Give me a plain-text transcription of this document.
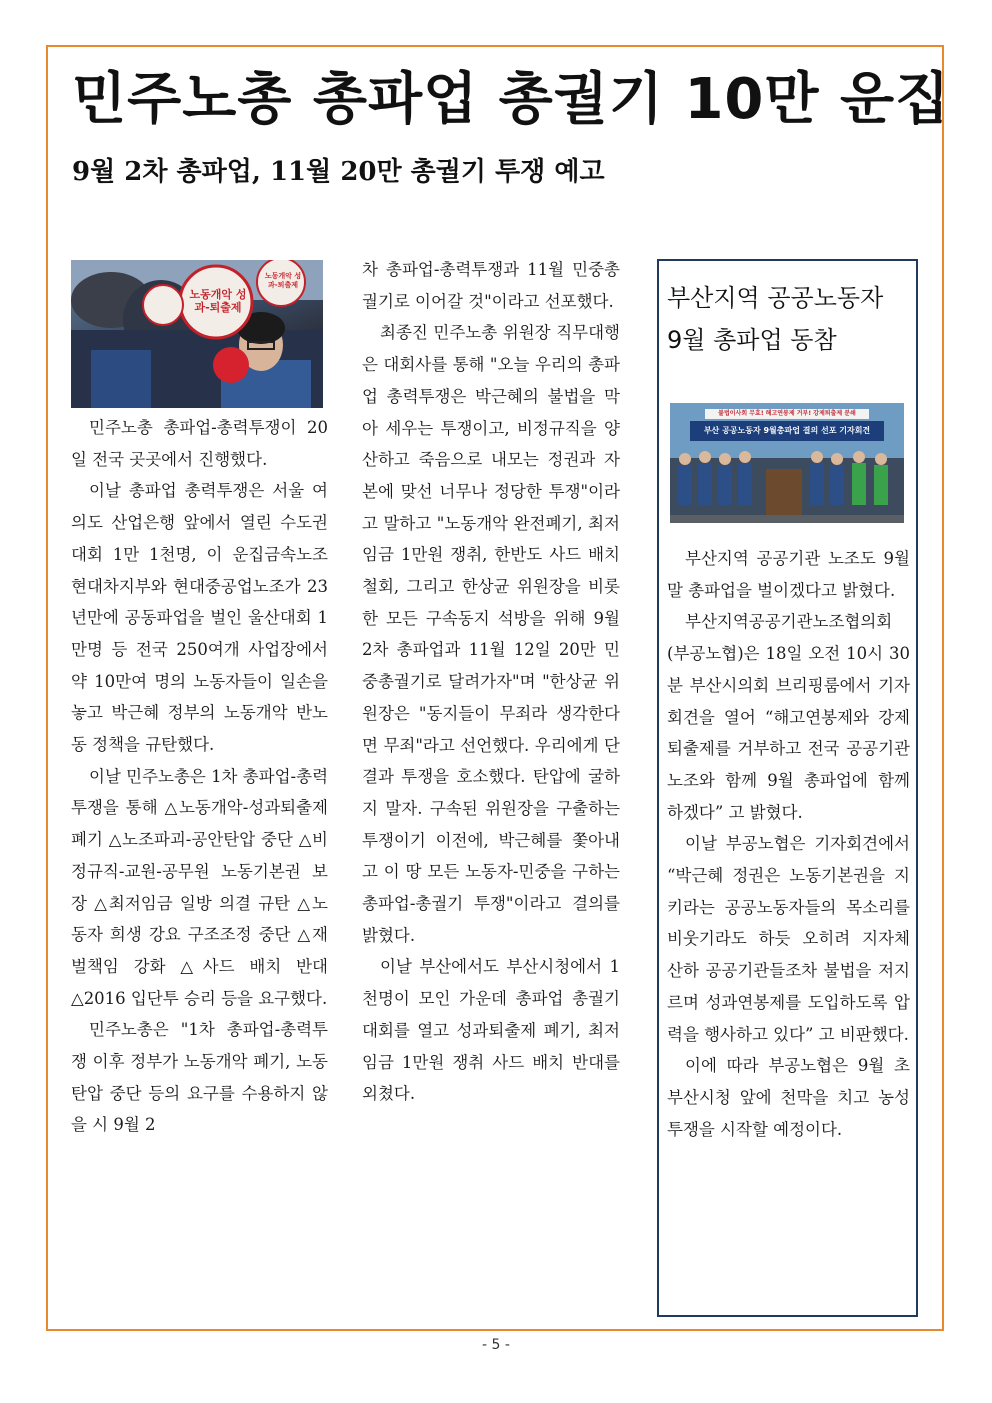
민주노총 총파업 총궐기 10만 운집
9월 2차 총파업, 11월 20만 총궐기 투쟁 예고
노동개악 성과-퇴출제
노동개악 성과-퇴출제

민주노총 총파업-총력투쟁이 20일 전국 곳곳에서 진행했다.

이날 총파업 총력투쟁은 서울 여의도 산업은행 앞에서 열린 수도권 대회 1만 1천명, 이 운집금속노조 현대차지부와 현대중공업노조가 23년만에 공동파업을 벌인 울산대회 1만명 등 전국 250여개 사업장에서 약 10만여 명의 노동자들이 일손을 놓고 박근혜 정부의 노동개악 반노동 정책을 규탄했다.

이날 민주노총은 1차 총파업-총력투쟁을 통해 △노동개악-성과퇴출제 폐기 △노조파괴-공안탄압 중단 △비정규직-교원-공무원 노동기본권 보장 △최저임금 일방 의결 규탄 △노동자 희생 강요 구조조정 중단 △재벌책임 강화 △사드 배치 반대 △2016 입단투 승리 등을 요구했다.

민주노총은 "1차 총파업-총력투쟁 이후 정부가 노동개악 폐기, 노동탄압 중단 등의 요구를 수용하지 않을 시 9월 2

차 총파업-총력투쟁과 11월 민중총궐기로 이어갈 것"이라고 선포했다.

최종진 민주노총 위원장 직무대행은 대회사를 통해 "오늘 우리의 총파업 총력투쟁은 박근혜의 불법을 막아 세우는 투쟁이고, 비정규직을 양산하고 죽음으로 내모는 정권과 자본에 맞선 너무나 정당한 투쟁"이라고 말하고 "노동개악 완전폐기, 최저임금 1만원 쟁취, 한반도 사드 배치 철회, 그리고 한상균 위원장을 비롯한 모든 구속동지 석방을 위해 9월 2차 총파업과 11월 12일 20만 민중총궐기로 달려가자"며 "한상균 위원장은 "동지들이 무죄라 생각한다면 무죄"라고 선언했다. 우리에게 단결과 투쟁을 호소했다. 탄압에 굴하지 말자. 구속된 위원장을 구출하는 투쟁이기 이전에, 박근혜를 쫓아내고 이 땅 모든 노동자-민중을 구하는 총파업-총궐기 투쟁"이라고 결의를 밝혔다.

이날 부산에서도 부산시청에서 1천명이 모인 가운데 총파업 총궐기대회를 열고 성과퇴출제 폐기, 최저임금 1만원 쟁취 사드 배치 반대를 외쳤다.

부산지역 공공노동자
9월 총파업 동참
불법이사회 무효! 해고연봉제 거부! 강제퇴출제 분쇄
부산 공공노동자 9월총파업 결의 선포 기자회견

부산지역 공공기관 노조도 9월 말 총파업을 벌이겠다고 밝혔다.

부산지역공공기관노조협의회(부공노협)은 18일 오전 10시 30분 부산시의회 브리핑룸에서 기자회견을 열어 “해고연봉제와 강제퇴출제를 거부하고 전국 공공기관 노조와 함께 9월 총파업에 함께 하겠다” 고 밝혔다.

이날 부공노협은 기자회견에서 “박근혜 정권은 노동기본권을 지키라는 공공노동자들의 목소리를 비웃기라도 하듯 오히려 지자체 산하 공공기관들조차 불법을 저지르며 성과연봉제를 도입하도록 압력을 행사하고 있다” 고 비판했다.

이에 따라 부공노협은 9월 초 부산시청 앞에 천막을 치고 농성투쟁을 시작할 예정이다.

- 5 -
